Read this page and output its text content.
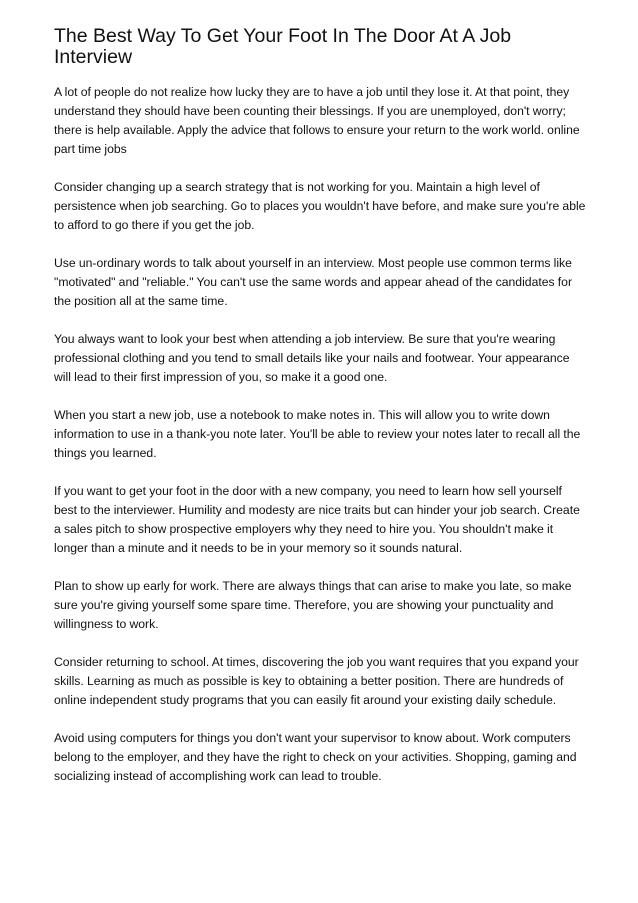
The Best Way To Get Your Foot In The Door At A Job Interview

A lot of people do not realize how lucky they are to have a job until they lose it. At that point, they understand they should have been counting their blessings. If you are unemployed, don't worry; there is help available. Apply the advice that follows to ensure your return to the work world. online part time jobs

Consider changing up a search strategy that is not working for you. Maintain a high level of persistence when job searching. Go to places you wouldn't have before, and make sure you're able to afford to go there if you get the job.

Use un-ordinary words to talk about yourself in an interview. Most people use common terms like "motivated" and "reliable." You can't use the same words and appear ahead of the candidates for the position all at the same time.

You always want to look your best when attending a job interview. Be sure that you're wearing professional clothing and you tend to small details like your nails and footwear. Your appearance will lead to their first impression of you, so make it a good one.

When you start a new job, use a notebook to make notes in. This will allow you to write down information to use in a thank-you note later. You'll be able to review your notes later to recall all the things you learned.

If you want to get your foot in the door with a new company, you need to learn how sell yourself best to the interviewer. Humility and modesty are nice traits but can hinder your job search. Create a sales pitch to show prospective employers why they need to hire you. You shouldn't make it longer than a minute and it needs to be in your memory so it sounds natural.

Plan to show up early for work. There are always things that can arise to make you late, so make sure you're giving yourself some spare time. Therefore, you are showing your punctuality and willingness to work.

Consider returning to school. At times, discovering the job you want requires that you expand your skills. Learning as much as possible is key to obtaining a better position. There are hundreds of online independent study programs that you can easily fit around your existing daily schedule.

Avoid using computers for things you don't want your supervisor to know about. Work computers belong to the employer, and they have the right to check on your activities. Shopping, gaming and socializing instead of accomplishing work can lead to trouble.
